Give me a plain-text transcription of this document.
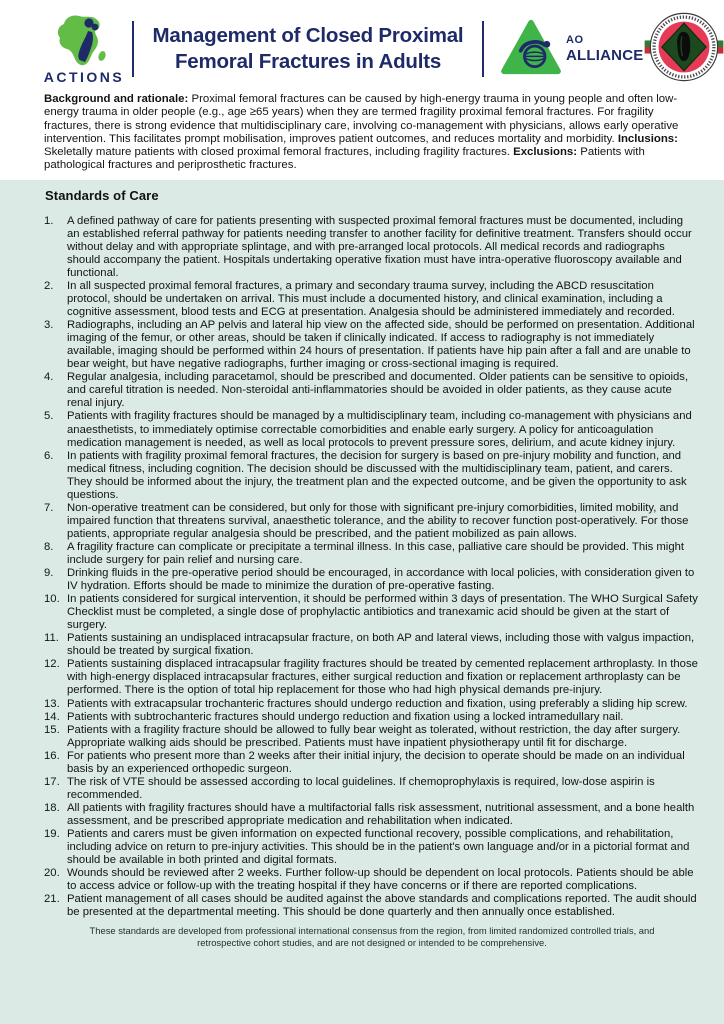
ACTIONS
Management of Closed Proximal
Femoral Fractures in Adults
AO
ALLIANCE

Background and rationale: Proximal femoral fractures can be caused by high-energy trauma in young people and often low-energy trauma in older people (e.g., age ≥65 years) when they are termed fragility proximal femoral fractures. For fragility fractures, there is strong evidence that multidisciplinary care, involving co-management with physicians, allows early operative intervention. This facilitates prompt mobilisation, improves patient outcomes, and reduces mortality and morbidity. Inclusions: Skeletally mature patients with closed proximal femoral fractures, including fragility fractures. Exclusions: Patients with pathological fractures and periprosthetic fractures.

Standards of Care
1.	A defined pathway of care for patients presenting with suspected proximal femoral fractures must be documented, including an established referral pathway for patients needing transfer to another facility for definitive treatment. Transfers should occur without delay and with appropriate splintage, and with pre-arranged local protocols. All medical records and radiographs should accompany the patient. Hospitals undertaking operative fixation must have intra-operative fluoroscopy available and functional.
2.	In all suspected proximal femoral fractures, a primary and secondary trauma survey, including the ABCD resuscitation protocol, should be undertaken on arrival. This must include a documented history, and clinical examination, including a cognitive assessment, blood tests and ECG at presentation. Analgesia should be administered immediately and recorded.
3.	Radiographs, including an AP pelvis and lateral hip view on the affected side, should be performed on presentation. Additional imaging of the femur, or other areas, should be taken if clinically indicated. If access to radiography is not immediately available, imaging should be performed within 24 hours of presentation. If patients have hip pain after a fall and are unable to bear weight, but have negative radiographs, further imaging or cross-sectional imaging is required.
4.	Regular analgesia, including paracetamol, should be prescribed and documented. Older patients can be sensitive to opioids, and careful titration is needed. Non-steroidal anti-inflammatories should be avoided in older patients, as they cause acute renal injury.
5.	Patients with fragility fractures should be managed by a multidisciplinary team, including co-management with physicians and anaesthetists, to immediately optimise correctable comorbidities and enable early surgery. A policy for anticoagulation medication management is needed, as well as local protocols to prevent pressure sores, delirium, and acute kidney injury.
6.	In patients with fragility proximal femoral fractures, the decision for surgery is based on pre-injury mobility and function, and medical fitness, including cognition. The decision should be discussed with the multidisciplinary team, patient, and carers. They should be informed about the injury, the treatment plan and the expected outcome, and be given the opportunity to ask questions.
7.	Non-operative treatment can be considered, but only for those with significant pre-injury comorbidities, limited mobility, and impaired function that threatens survival, anaesthetic tolerance, and the ability to recover function post-operatively. For those patients, appropriate regular analgesia should be prescribed, and the patient mobilized as pain allows.
8.	A fragility fracture can complicate or precipitate a terminal illness. In this case, palliative care should be provided. This might include surgery for pain relief and nursing care.
9.	Drinking fluids in the pre-operative period should be encouraged, in accordance with local policies, with consideration given to IV hydration. Efforts should be made to minimize the duration of pre-operative fasting.
10. In patients considered for surgical intervention, it should be performed within 3 days of presentation. The WHO Surgical Safety Checklist must be completed, a single dose of prophylactic antibiotics and tranexamic acid should be given at the start of surgery.
11. Patients sustaining an undisplaced intracapsular fracture, on both AP and lateral views, including those with valgus impaction, should be treated by surgical fixation.
12. Patients sustaining displaced intracapsular fragility fractures should be treated by cemented replacement arthroplasty. In those with high-energy displaced intracapsular fractures, either surgical reduction and fixation or replacement arthroplasty can be performed. There is the option of total hip replacement for those who had high physical demands pre-injury.
13. Patients with extracapsular trochanteric fractures should undergo reduction and fixation, using preferably a sliding hip screw.
14. Patients with subtrochanteric fractures should undergo reduction and fixation using a locked intramedullary nail.
15. Patients with a fragility fracture should be allowed to fully bear weight as tolerated, without restriction, the day after surgery. Appropriate walking aids should be prescribed. Patients must have inpatient physiotherapy until fit for discharge.
16. For patients who present more than 2 weeks after their initial injury, the decision to operate should be made on an individual basis by an experienced orthopedic surgeon.
17. The risk of VTE should be assessed according to local guidelines. If chemoprophylaxis is required, low-dose aspirin is recommended.
18. All patients with fragility fractures should have a multifactorial falls risk assessment, nutritional assessment, and a bone health assessment, and be prescribed appropriate medication and rehabilitation when indicated.
19. Patients and carers must be given information on expected functional recovery, possible complications, and rehabilitation, including advice on return to pre-injury activities. This should be in the patient's own language and/or in a pictorial format and should be available in both printed and digital formats.
20. Wounds should be reviewed after 2 weeks. Further follow-up should be dependent on local protocols. Patients should be able to access advice or follow-up with the treating hospital if they have concerns or if there are reported complications.
21. Patient management of all cases should be audited against the above standards and complications reported. The audit should be presented at the departmental meeting. This should be done quarterly and then annually once established.

These standards are developed from professional international consensus from the region, from limited randomized controlled trials, and retrospective cohort studies, and are not designed or intended to be comprehensive.
